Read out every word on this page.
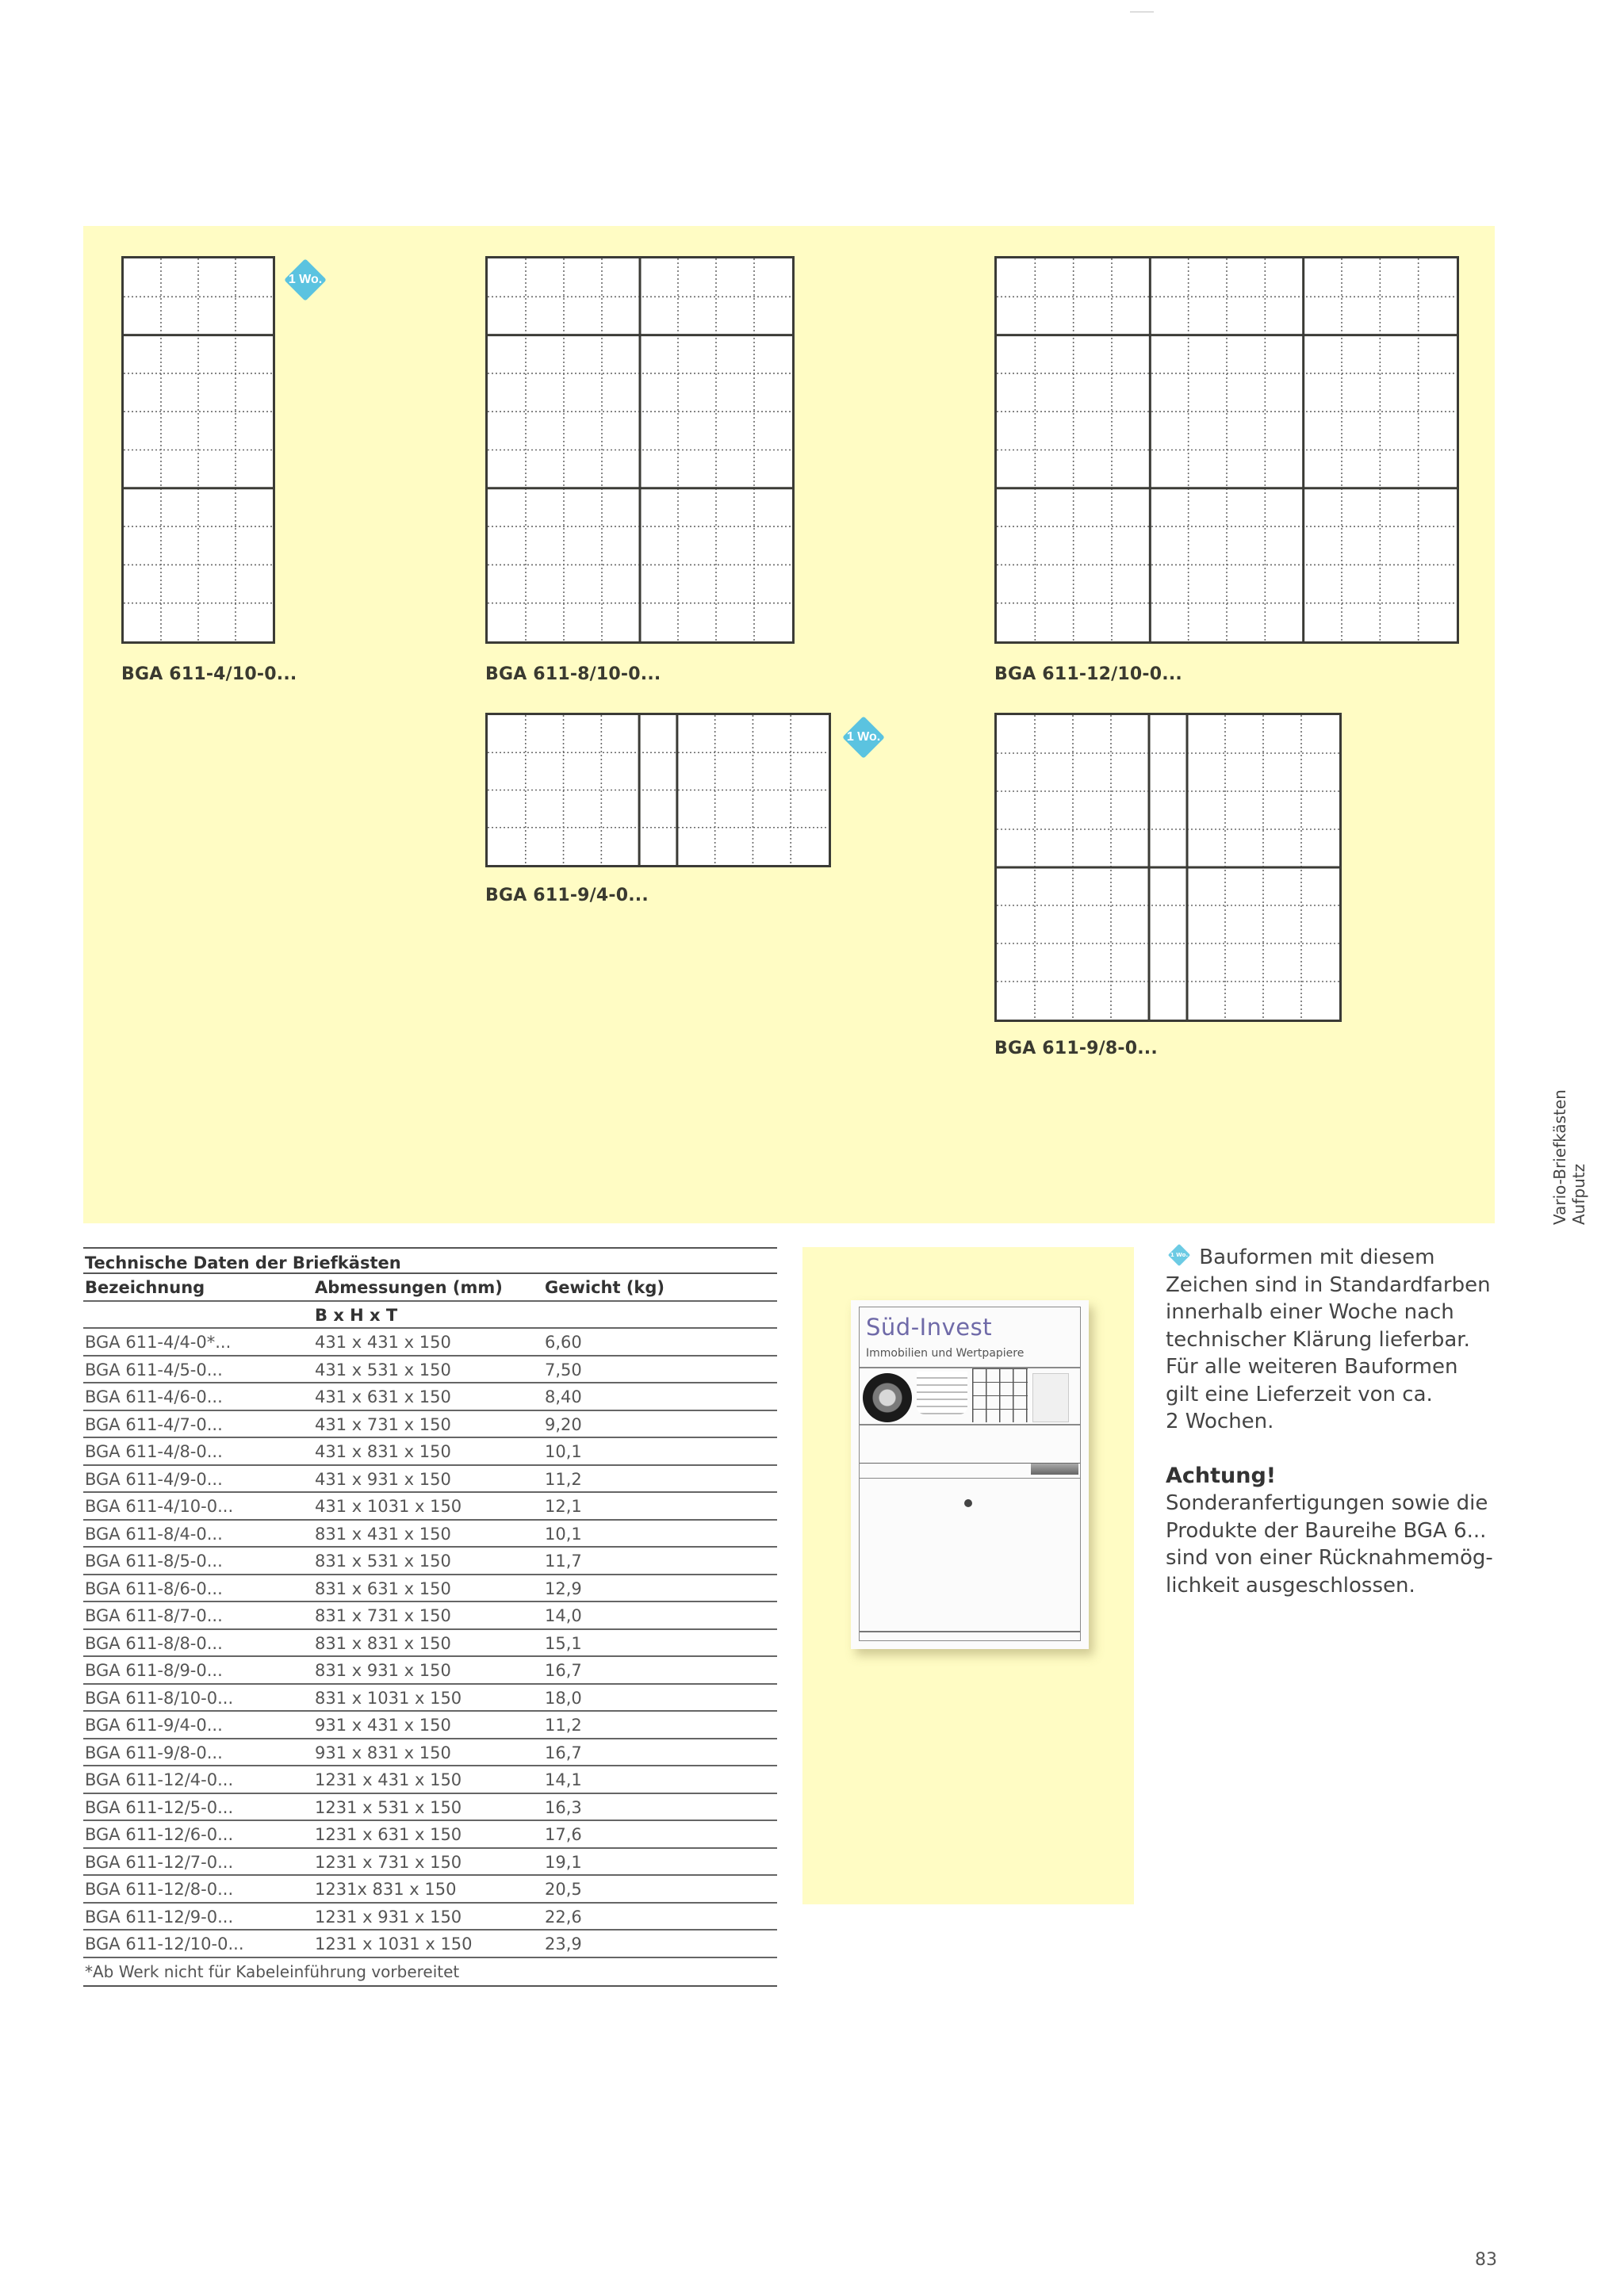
BGA 611-4/10-0...
1 Wo.
BGA 611-8/10-0...	BGA 611-12/10-0...
BGA 611-9/4-0...
1 Wo.
BGA 611-9/8-0...
Vario-Briefkästen Aufputz
Technische Daten der Briefkästen
Bezeichnung	Abmessungen (mm)	Gewicht (kg)
B x H x T
BGA 611-4/4-0*...	431 x 431 x 150	6,60
BGA 611-4/5-0...	431 x 531 x 150	7,50
BGA 611-4/6-0...	431 x 631 x 150	8,40
BGA 611-4/7-0...	431 x 731 x 150	9,20
BGA 611-4/8-0...	431 x 831 x 150	10,1
BGA 611-4/9-0...	431 x 931 x 150	11,2
BGA 611-4/10-0...	431 x 1031 x 150	12,1
BGA 611-8/4-0...	831 x 431 x 150	10,1
BGA 611-8/5-0...	831 x 531 x 150	11,7
BGA 611-8/6-0...	831 x 631 x 150	12,9
BGA 611-8/7-0...	831 x 731 x 150	14,0
BGA 611-8/8-0...	831 x 831 x 150	15,1
BGA 611-8/9-0...	831 x 931 x 150	16,7
BGA 611-8/10-0...	831 x 1031 x 150	18,0
BGA 611-9/4-0...	931 x 431 x 150	11,2
BGA 611-9/8-0...	931 x 831 x 150	16,7
BGA 611-12/4-0...	1231 x 431 x 150	14,1
BGA 611-12/5-0...	1231 x 531 x 150	16,3
BGA 611-12/6-0...	1231 x 631 x 150	17,6
BGA 611-12/7-0...	1231 x 731 x 150	19,1
BGA 611-12/8-0...	1231x 831 x 150	20,5
BGA 611-12/9-0...	1231 x 931 x 150	22,6
BGA 611-12/10-0...	1231 x 1031 x 150	23,9
*Ab Werk nicht für Kabeleinführung vorbereitet
Süd-Invest
Immobilien und Wertpapiere

1 Wo. Bauformen mit diesem
Zeichen sind in Standardfarben
innerhalb einer Woche nach
technischer Klärung lieferbar.
Für alle weiteren Bauformen
gilt eine Lieferzeit von ca.
2 Wochen.

Achtung!

Sonderanfertigungen sowie die
Produkte der Baureihe BGA 6...
sind von einer Rücknahmemög-
lichkeit ausgeschlossen.

83
